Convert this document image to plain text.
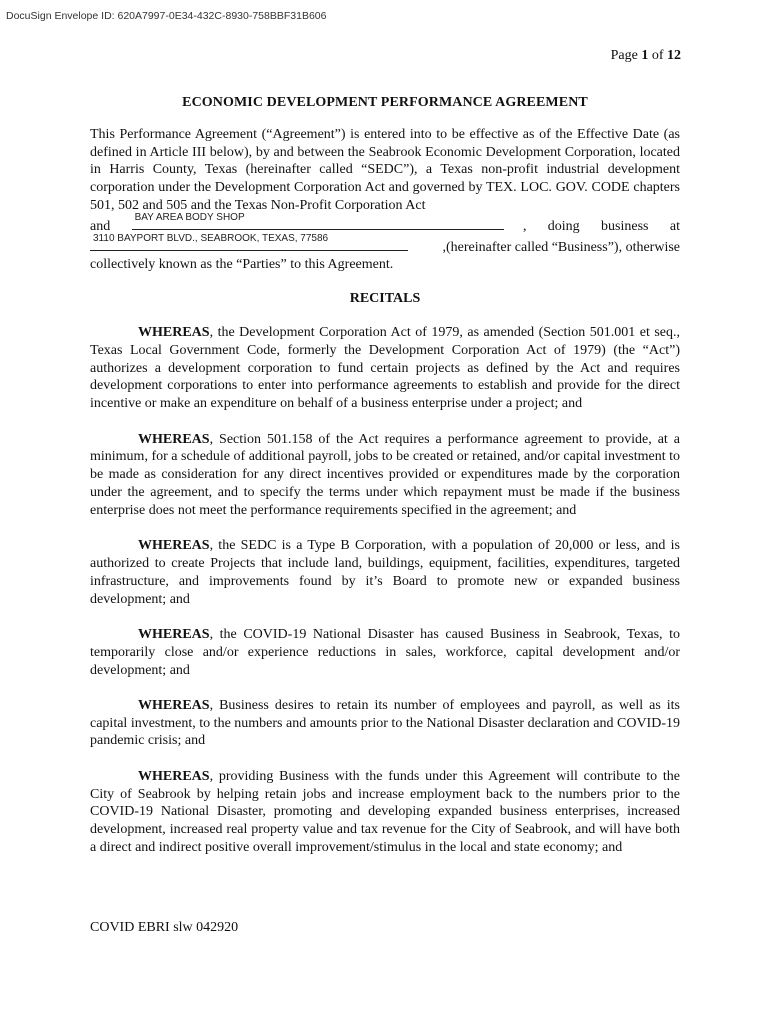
DocuSign Envelope ID: 620A7997-0E34-432C-8930-758BBF31B606
Page 1 of 12
ECONOMIC DEVELOPMENT PERFORMANCE AGREEMENT
This Performance Agreement (“Agreement”) is entered into to be effective as of the Effective Date (as defined in Article III below), by and between the Seabrook Economic Development Corporation, located in Harris County, Texas (hereinafter called “SEDC”), a Texas non-profit industrial development corporation under the Development Corporation Act and governed by TEX. LOC. GOV. CODE chapters 501, 502 and 505 and the Texas Non-Profit Corporation Act
and
BAY AREA BODY SHOP
, doing business at
3110 BAYPORT BLVD., SEABROOK, TEXAS, 77586
,(hereinafter called “Business”), otherwise
collectively known as the “Parties” to this Agreement.
RECITALS

WHEREAS, the Development Corporation Act of 1979, as amended (Section 501.001 et seq., Texas Local Government Code, formerly the Development Corporation Act of 1979) (the “Act”) authorizes a development corporation to fund certain projects as defined by the Act and requires development corporations to enter into performance agreements to establish and provide for the direct incentive or make an expenditure on behalf of a business enterprise under a project; and

WHEREAS, Section 501.158 of the Act requires a performance agreement to provide, at a minimum, for a schedule of additional payroll, jobs to be created or retained, and/or capital investment to be made as consideration for any direct incentives provided or expenditures made by the corporation under the agreement, and to specify the terms under which repayment must be made if the business enterprise does not meet the performance requirements specified in the agreement; and

WHEREAS, the SEDC is a Type B Corporation, with a population of 20,000 or less, and is authorized to create Projects that include land, buildings, equipment, facilities, expenditures, targeted infrastructure, and improvements found by it’s Board to promote new or expanded business development; and

WHEREAS, the COVID-19 National Disaster has caused Business in Seabrook, Texas, to temporarily close and/or experience reductions in sales, workforce, capital development and/or development; and

WHEREAS, Business desires to retain its number of employees and payroll, as well as its capital investment, to the numbers and amounts prior to the National Disaster declaration and COVID-19 pandemic crisis; and

WHEREAS, providing Business with the funds under this Agreement will contribute to the City of Seabrook by helping retain jobs and increase employment back to the numbers prior to the COVID-19 National Disaster, promoting and developing expanded business enterprises, increased development, increased real property value and tax revenue for the City of Seabrook, and will have both a direct and indirect positive overall improvement/stimulus in the local and state economy; and

COVID EBRI slw 042920
